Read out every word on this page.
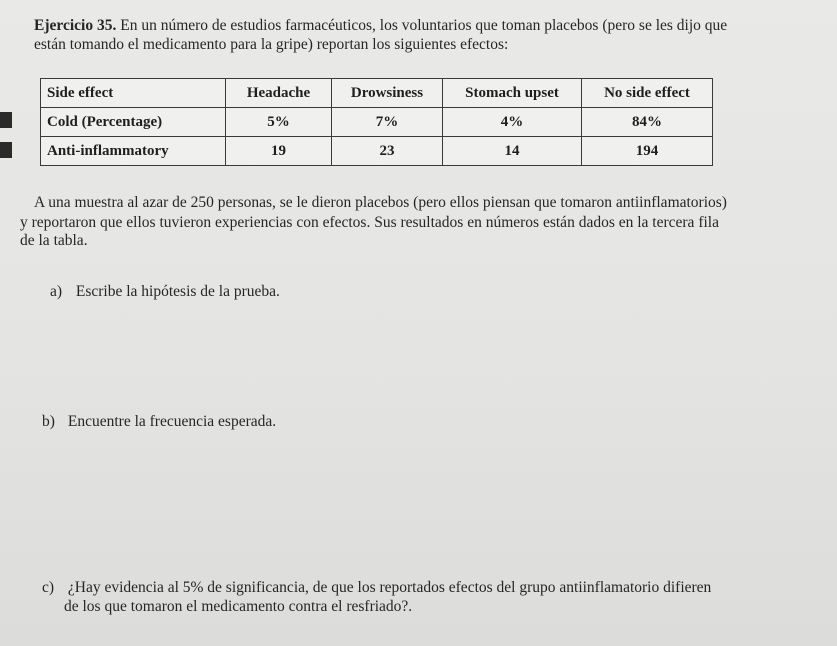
Ejercicio 35. En un número de estudios farmacéuticos, los voluntarios que toman placebos (pero se les dijo que
están tomando el medicamento para la gripe) reportan los siguientes efectos:
Side effect	Headache	Drowsiness	Stomach upset	No side effect
Cold (Percentage)	5%	7%	4%	84%
Anti-inflammatory	19	23	14	194
A una muestra al azar de 250 personas, se le dieron placebos (pero ellos piensan que tomaron antiinflamatorios)
y reportaron que ellos tuvieron experiencias con efectos. Sus resultados en números están dados en la tercera fila
de la tabla.
a) Escribe la hipótesis de la prueba.
b) Encuentre la frecuencia esperada.
c) ¿Hay evidencia al 5% de significancia, de que los reportados efectos del grupo antiinflamatorio difieren
de los que tomaron el medicamento contra el resfriado?.
